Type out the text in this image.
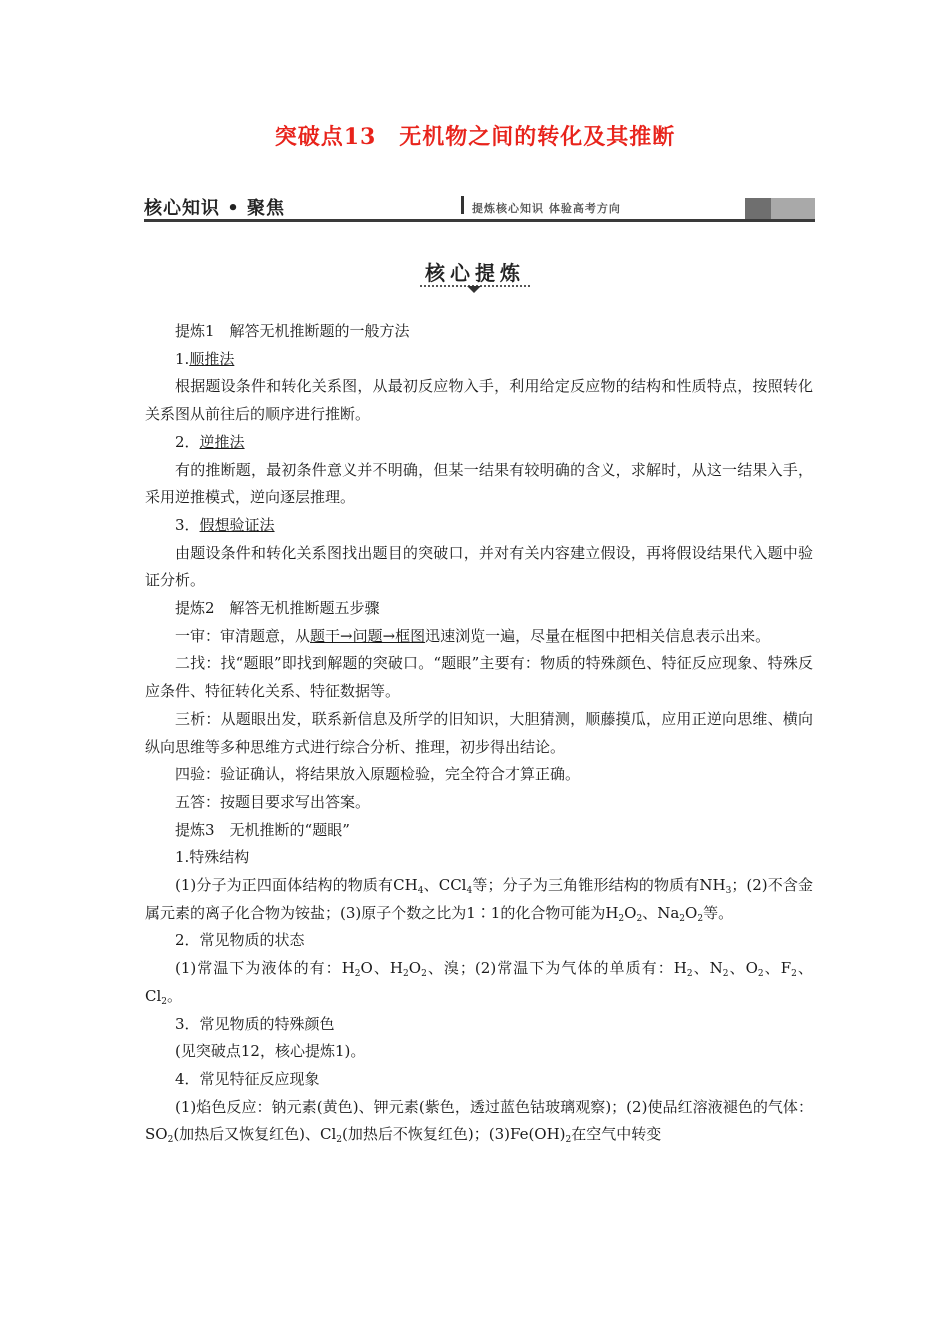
突破点13　无机物之间的转化及其推断
核心知识 • 聚焦	提炼核心知识 体验高考方向
核心提炼

提炼1　解答无机推断题的一般方法

1.顺推法

根据题设条件和转化关系图，从最初反应物入手，利用给定反应物的结构和性质特点，按照转化关系图从前往后的顺序进行推断。

2．逆推法

有的推断题，最初条件意义并不明确，但某一结果有较明确的含义，求解时，从这一结果入手，采用逆推模式，逆向逐层推理。

3．假想验证法

由题设条件和转化关系图找出题目的突破口，并对有关内容建立假设，再将假设结果代入题中验证分析。

提炼2　解答无机推断题五步骤

一审：审清题意，从题干→问题→框图迅速浏览一遍，尽量在框图中把相关信息表示出来。

二找：找“题眼”即找到解题的突破口。“题眼”主要有：物质的特殊颜色、特征反应现象、特殊反应条件、特征转化关系、特征数据等。

三析：从题眼出发，联系新信息及所学的旧知识，大胆猜测，顺藤摸瓜，应用正逆向思维、横向纵向思维等多种思维方式进行综合分析、推理，初步得出结论。

四验：验证确认，将结果放入原题检验，完全符合才算正确。

五答：按题目要求写出答案。

提炼3　无机推断的“题眼”

1.特殊结构

(1)分子为正四面体结构的物质有$CH_4$、CCl$_4$等；分子为三角锥形结构的物质有$NH_3$；(2)不含金属元素的离子化合物为铵盐；(3)原子个数之比为1∶1的化合物可能为$H_2O_2$、$Na_2O_2$等。

2．常见物质的状态

(1)常温下为液体的有：$H_2O$、$H_2O_2$、溴；(2)常温下为气体的单质有：$H_2$、$N_2$、$O_2$、$F_2$、$Cl_2$。

3．常见物质的特殊颜色

(见突破点12，核心提炼1)。

4．常见特征反应现象

(1)焰色反应：钠元素(黄色)、钾元素(紫色，透过蓝色钴玻璃观察)；(2)使品红溶液褪色的气体：$SO_2$(加热后又恢复红色)、$Cl_2$(加热后不恢复红色)；$(3)Fe(OH)_2$在空气中转变
